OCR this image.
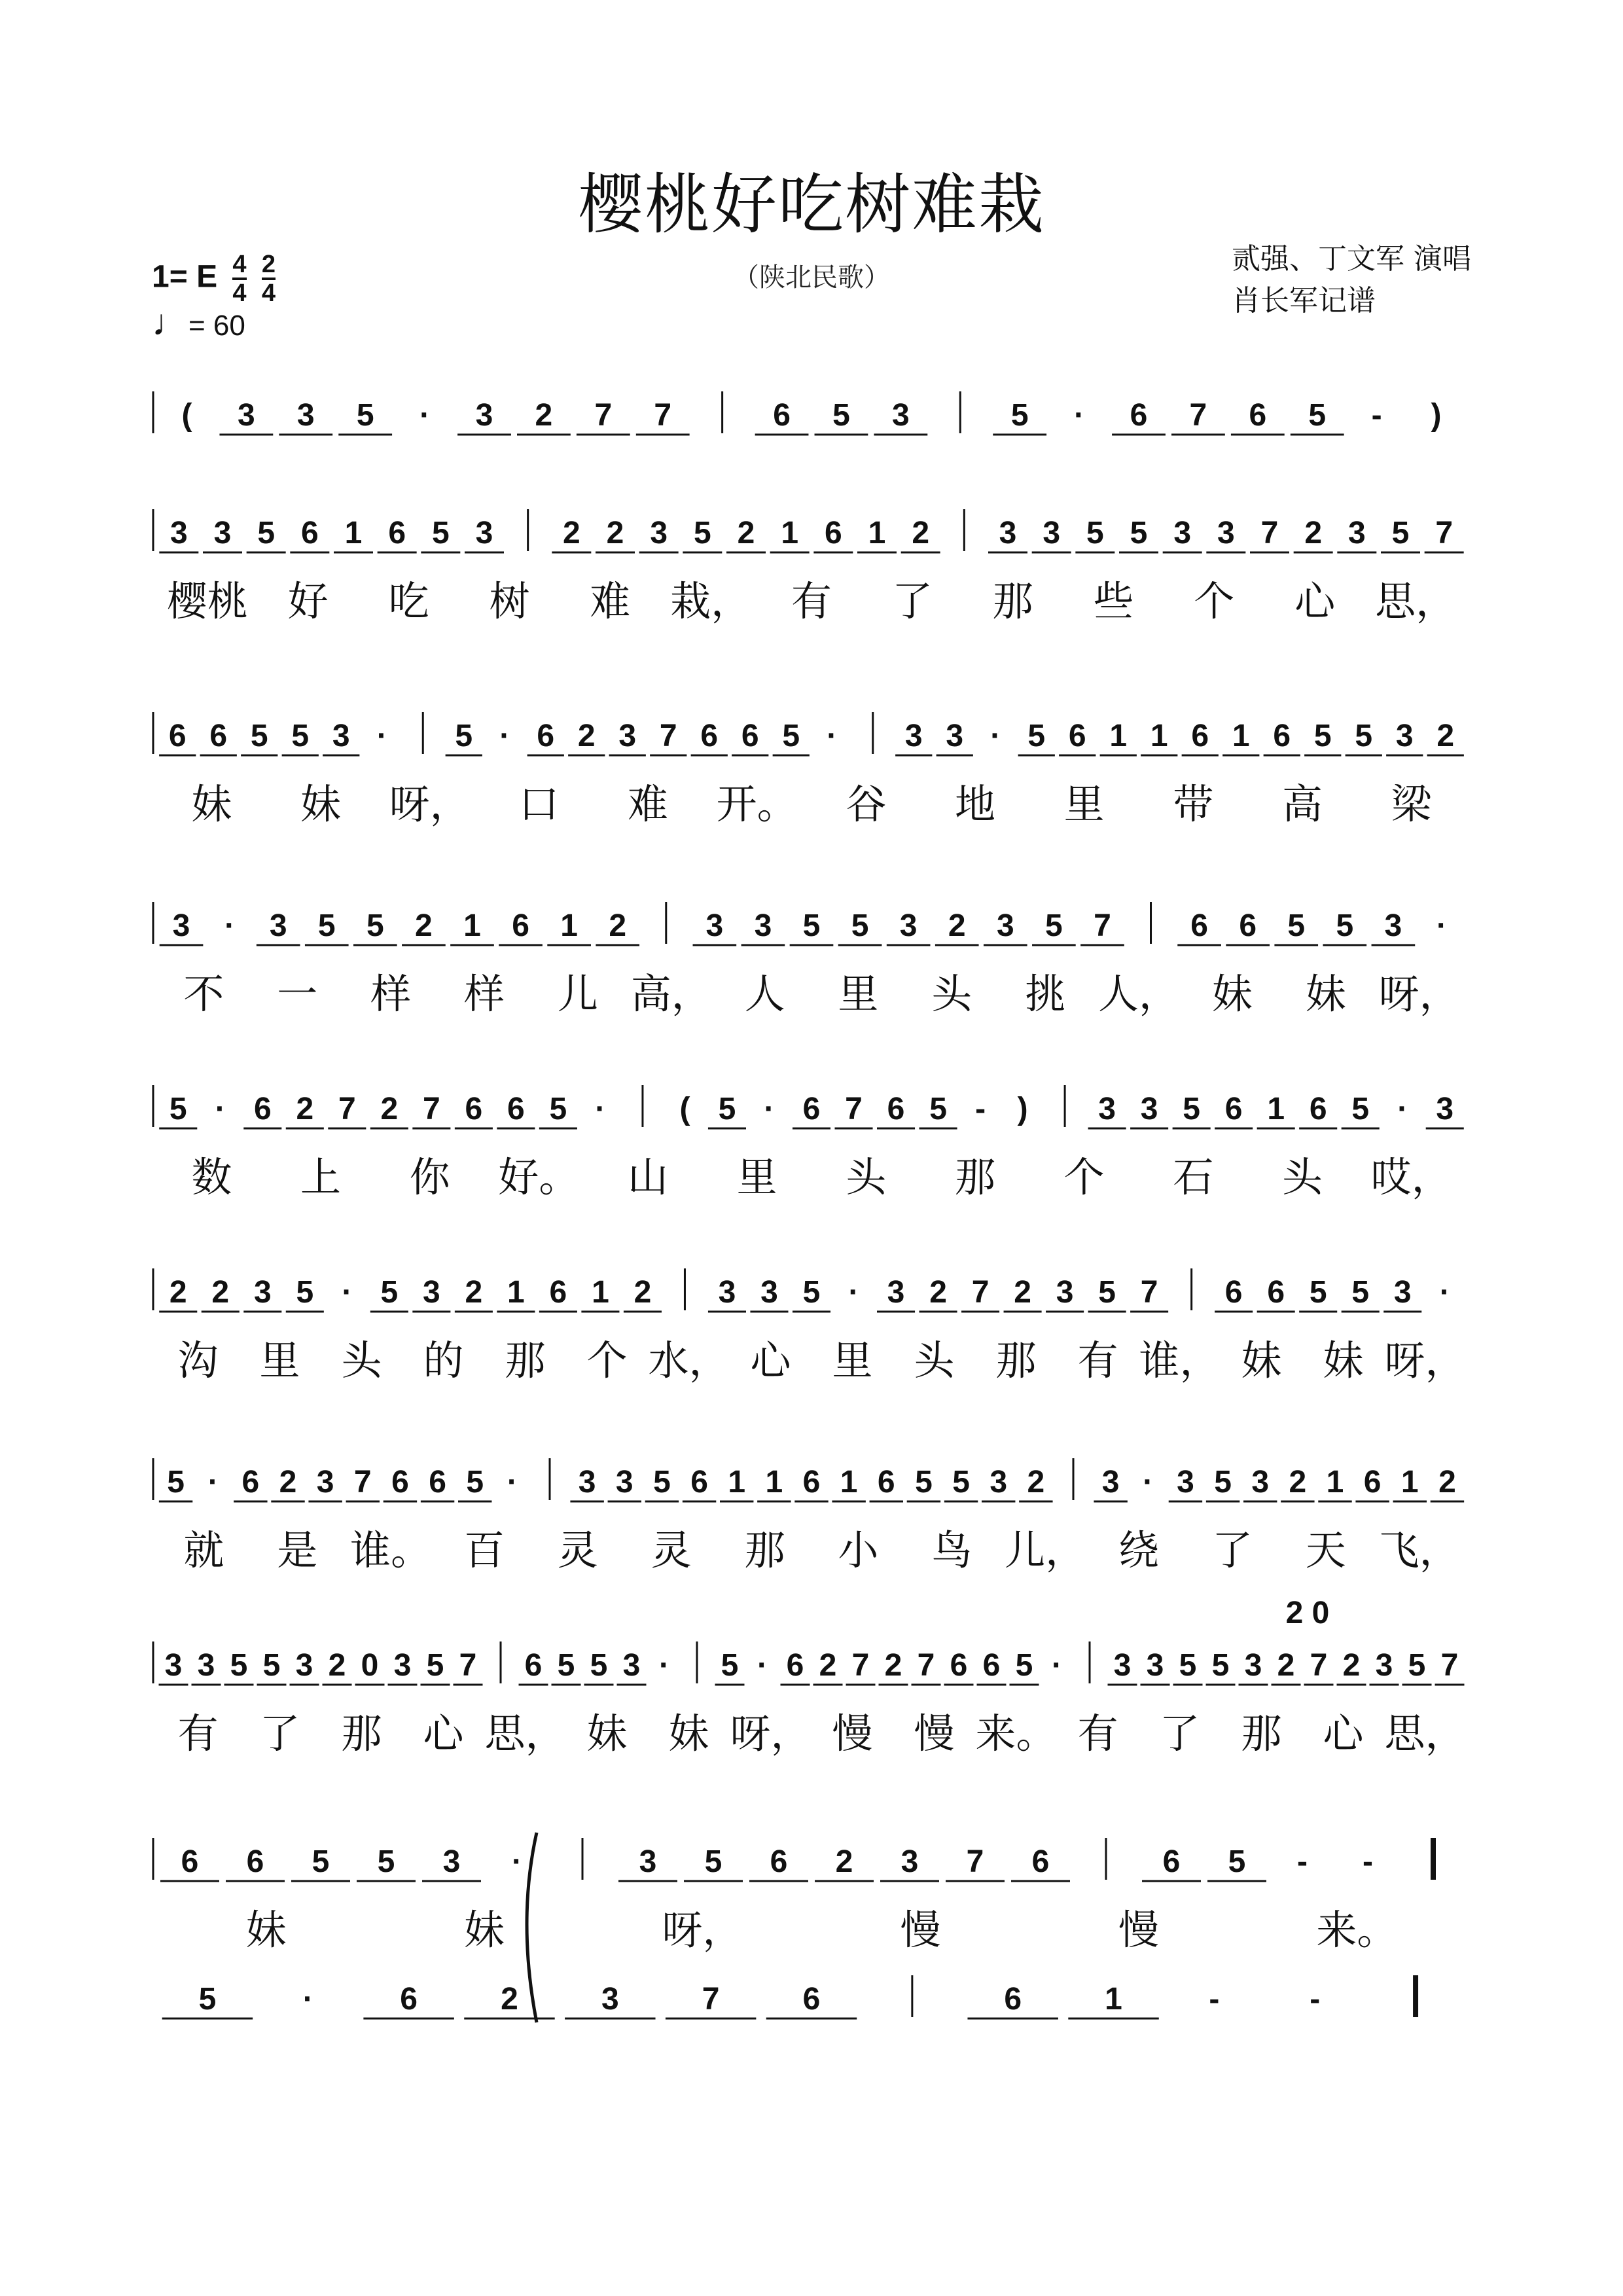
樱桃好吃树难栽
（陕北民歌）
贰强、丁文军 演唱
肖长军记谱
1= E $\frac{4}{4}$
$\frac{2}{4}$
♩= 60
( 3 3 5 · 3 2 7 7	6 5 3	5 · 6 7 6 5 - )
3 3 5 6 1 6 5 3 2 2 3 5 2 1 6 1 2 3 3 5 5 3 3 7 2 3 5 7
樱桃 好 吃 树 难 栽， 有 了 那 些 个 心 思，
6 6 5 5 3 · 5 · 6 2 3 7 6 6 5 · 3 3 · 5 6 1 1 6 1 6 5 5 3 2
妹 妹 呀， 口 难 开。 谷 地 里 带 高 梁
3 · 3 5 5 2 1 6 1 2	3 3 5 5 3 2 3 5 7	6 6 5 5 3 ·
不 一 样 样 儿 高， 人 里 头 挑 人， 妹 妹 呀，
5 · 6 2 7 2 7 6 6 5 · ( 5 · 6 7 6 5 - ) 3 3 5 6 1 6 5 · 3
数 上 你 好。 山 里 头 那 个 石 头 哎，
2 2 3 5 · 5 3 2 1 6 1 2 3 3 5 · 3 2 7 2 3 5 7 6 6 5 5 3 ·
沟 里 头 的 那 个 水， 心 里 头 那 有 谁， 妹 妹 呀，
5 · 6 2 3 7 6 6 5 · 3 3 5 6 1 1 6 1 6 5 5 3 2 3 · 3 5 3 2 1 6 1 2
就 是 谁。 百 灵 灵 那 小 鸟 儿， 绕 了 天 飞，
2 0
3 3 5 5 3 2 0 3 5 7 6 5 5 3 · 5 · 6 2 7 2 7 6 6 5 · 3 3 5 5 3 2 7 2 3 5 7
有 了 那 心 思， 妹 妹 呀， 慢 慢 来。 有 了 那 心 思，
6 6 5 5 3 ·	3 5 6 2 3 7 6	6 5 - -
5	·	6	2	3	7	6	6	1	-	-
妹	妹	呀，	慢	慢	来。
